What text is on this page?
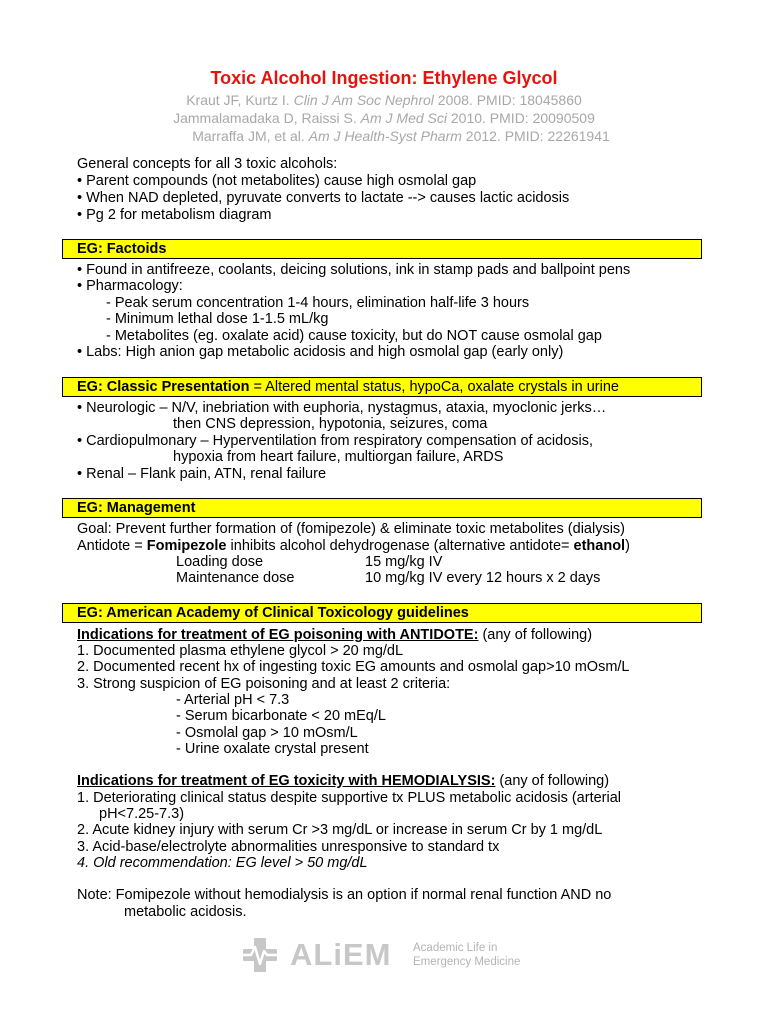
Toxic Alcohol Ingestion: Ethylene Glycol
Kraut JF, Kurtz I. Clin J Am Soc Nephrol 2008. PMID: 18045860
Jammalamadaka D, Raissi S. Am J Med Sci 2010. PMID: 20090509
Marraffa JM, et al. Am J Health-Syst Pharm 2012. PMID: 22261941
General concepts for all 3 toxic alcohols:
• Parent compounds (not metabolites) cause high osmolal gap
• When NAD depleted, pyruvate converts to lactate --> causes lactic acidosis
• Pg 2 for metabolism diagram
EG: Factoids
• Found in antifreeze, coolants, deicing solutions, ink in stamp pads and ballpoint pens
• Pharmacology:
- Peak serum concentration 1-4 hours, elimination half-life 3 hours
- Minimum lethal dose 1-1.5 mL/kg
- Metabolites (eg. oxalate acid) cause toxicity, but do NOT cause osmolal gap
• Labs: High anion gap metabolic acidosis and high osmolal gap (early only)
EG: Classic Presentation = Altered mental status, hypoCa, oxalate crystals in urine
• Neurologic – N/V, inebriation with euphoria, nystagmus, ataxia, myoclonic jerks…
then CNS depression, hypotonia, seizures, coma
• Cardiopulmonary – Hyperventilation from respiratory compensation of acidosis,
hypoxia from heart failure, multiorgan failure, ARDS
• Renal – Flank pain, ATN, renal failure
EG: Management
Goal: Prevent further formation of (fomipezole) & eliminate toxic metabolites (dialysis)
Antidote = Fomipezole inhibits alcohol dehydrogenase (alternative antidote= ethanol)
Loading dose	15 mg/kg IV
Maintenance dose	10 mg/kg IV every 12 hours x 2 days
EG: American Academy of Clinical Toxicology guidelines
Indications for treatment of EG poisoning with ANTIDOTE: (any of following)
1. Documented plasma ethylene glycol > 20 mg/dL
2. Documented recent hx of ingesting toxic EG amounts and osmolal gap>10 mOsm/L
3. Strong suspicion of EG poisoning and at least 2 criteria:
- Arterial pH < 7.3
- Serum bicarbonate < 20 mEq/L
- Osmolal gap > 10 mOsm/L
- Urine oxalate crystal present
Indications for treatment of EG toxicity with HEMODIALYSIS: (any of following)
1. Deteriorating clinical status despite supportive tx PLUS metabolic acidosis (arterial
pH<7.25-7.3)
2. Acute kidney injury with serum Cr >3 mg/dL or increase in serum Cr by 1 mg/dL
3. Acid-base/electrolyte abnormalities unresponsive to standard tx
4. Old recommendation: EG level > 50 mg/dL
Note: Fomipezole without hemodialysis is an option if normal renal function AND no
metabolic acidosis.
ALiEM Academic Life in
Emergency Medicine
